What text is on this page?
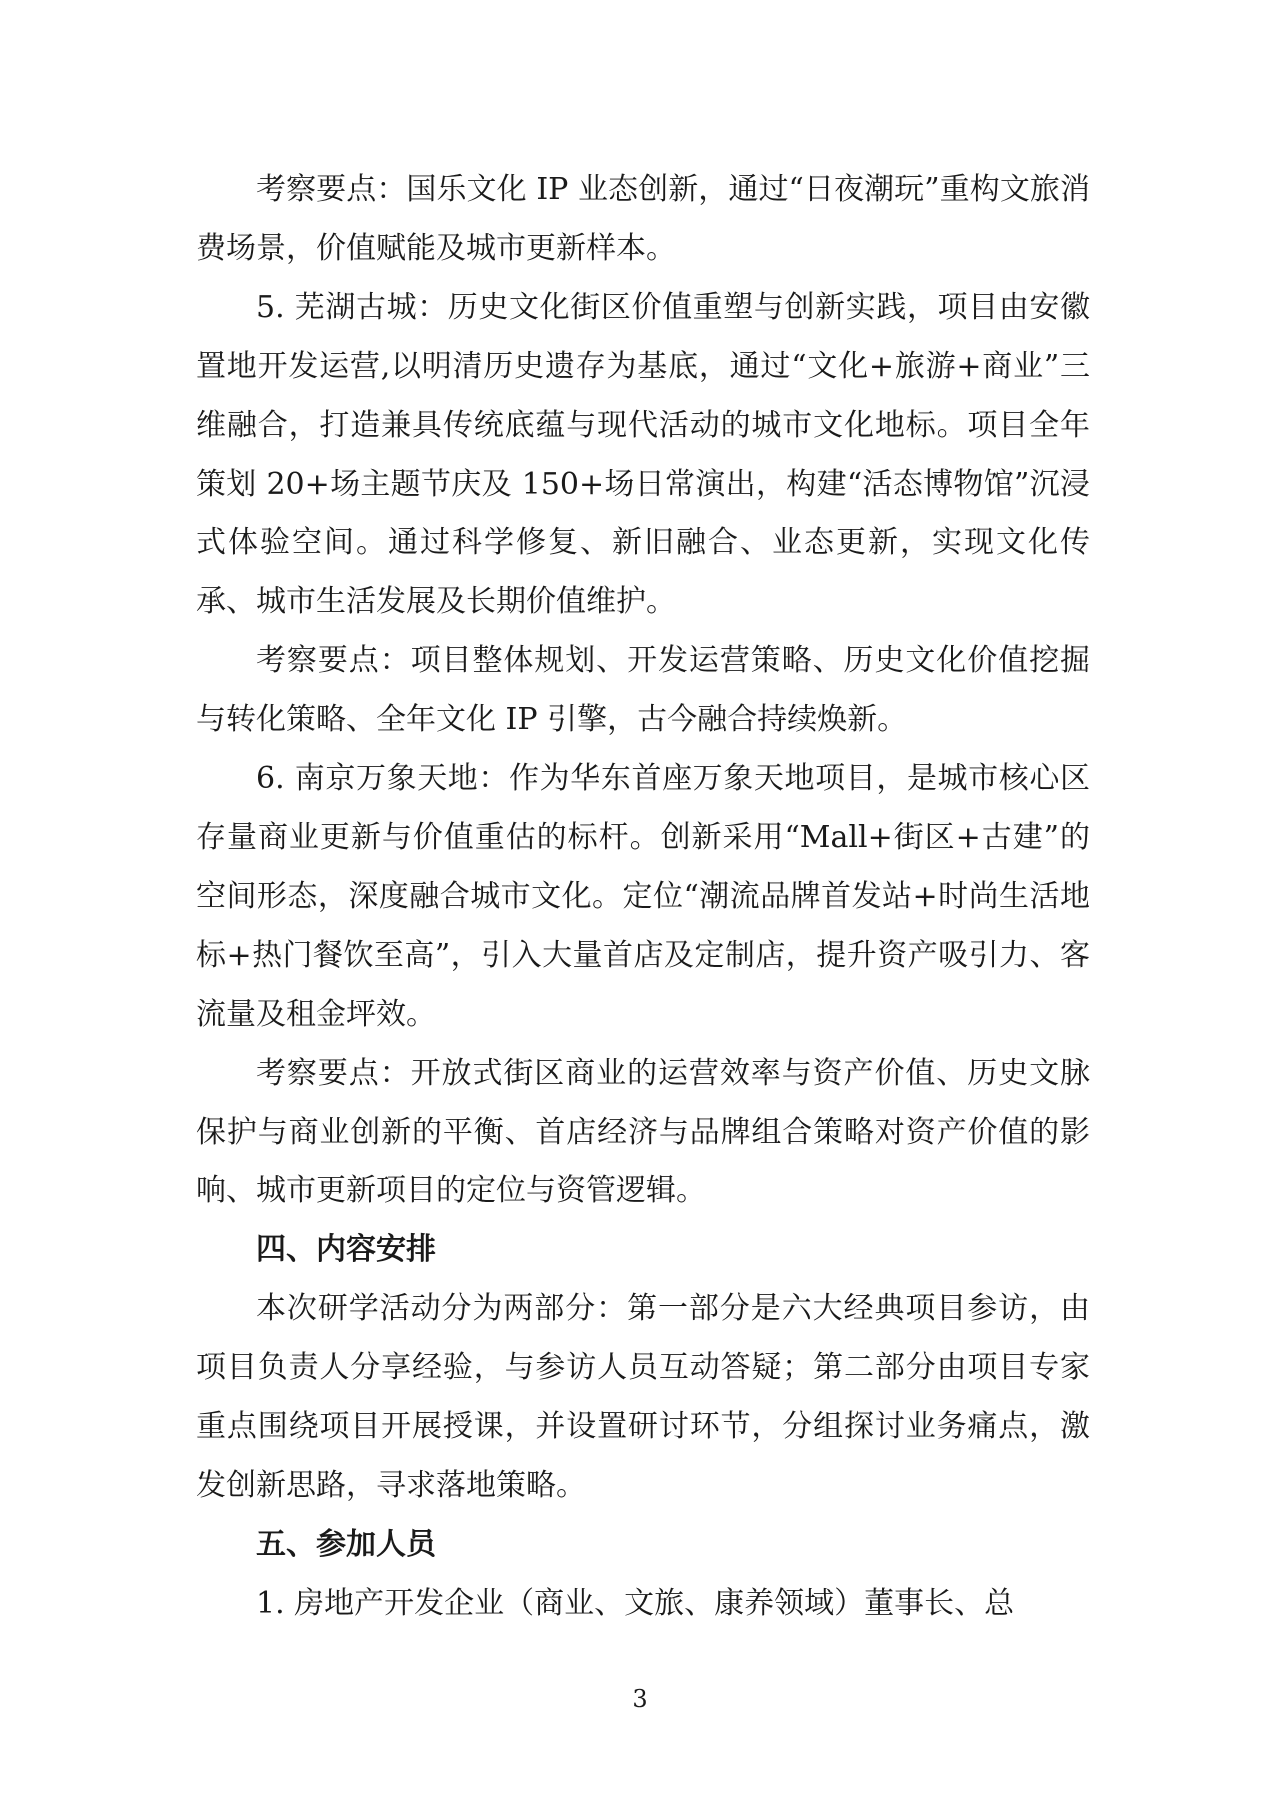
考察要点：国乐文化 IP 业态创新，通过“日夜潮玩”重构文旅消费场景，价值赋能及城市更新样本。

5. 芜湖古城：历史文化街区价值重塑与创新实践，项目由安徽置地开发运营,以明清历史遗存为基底，通过“文化+旅游+商业”三维融合，打造兼具传统底蕴与现代活动的城市文化地标。项目全年策划 20+场主题节庆及 150+场日常演出，构建“活态博物馆”沉浸式体验空间。通过科学修复、新旧融合、业态更新，实现文化传承、城市生活发展及长期价值维护。

考察要点：项目整体规划、开发运营策略、历史文化价值挖掘与转化策略、全年文化 IP 引擎，古今融合持续焕新。

6. 南京万象天地：作为华东首座万象天地项目，是城市核心区存量商业更新与价值重估的标杆。创新采用“Mall+街区+古建”的空间形态，深度融合城市文化。定位“潮流品牌首发站+时尚生活地标+热门餐饮至高”，引入大量首店及定制店，提升资产吸引力、客流量及租金坪效。

考察要点：开放式街区商业的运营效率与资产价值、历史文脉保护与商业创新的平衡、首店经济与品牌组合策略对资产价值的影响、城市更新项目的定位与资管逻辑。

四、内容安排

本次研学活动分为两部分：第一部分是六大经典项目参访，由项目负责人分享经验，与参访人员互动答疑；第二部分由项目专家重点围绕项目开展授课，并设置研讨环节，分组探讨业务痛点，激发创新思路，寻求落地策略。

五、参加人员

1. 房地产开发企业（商业、文旅、康养领域）董事长、总

3
